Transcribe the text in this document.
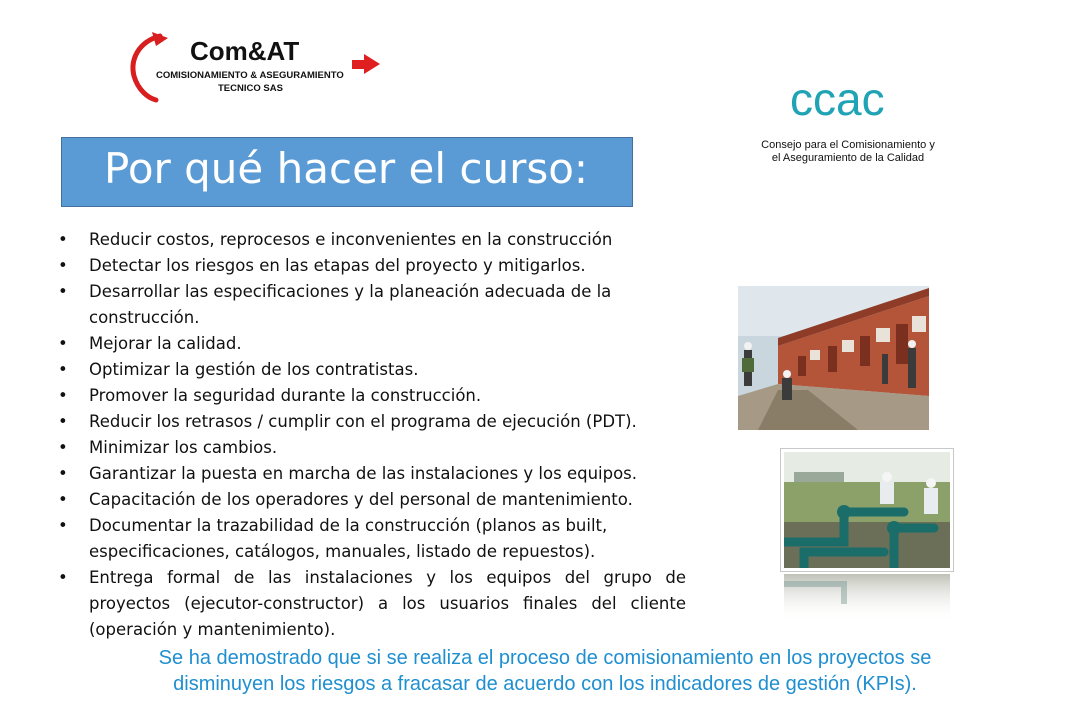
Com&AT
COMISIONAMIENTO & ASEGURAMIENTO
TECNICO SAS	ccac
Consejo para el Comisionamiento y
el Aseguramiento de la Calidad
Por qué hacer el curso:
• Reducir costos, reprocesos e inconvenientes en la construcción
• Detectar los riesgos en las etapas del proyecto y mitigarlos.
• Desarrollar las especificaciones y la planeación adecuada de la construcción.
• Mejorar la calidad.
• Optimizar la gestión de los contratistas.
• Promover la seguridad durante la construcción.
• Reducir los retrasos / cumplir con el programa de ejecución (PDT).
• Minimizar los cambios.
• Garantizar la puesta en marcha de las instalaciones y los equipos.
• Capacitación de los operadores y del personal de mantenimiento.
• Documentar la trazabilidad de la construcción (planos as built, especificaciones, catálogos, manuales, listado de repuestos).
• Entrega formal de las instalaciones y los equipos del grupo de proyectos (ejecutor-constructor) a los usuarios finales del cliente (operación y mantenimiento).
Se ha demostrado que si se realiza el proceso de comisionamiento en los proyectos se
disminuyen los riesgos a fracasar de acuerdo con los indicadores de gestión (KPIs).
